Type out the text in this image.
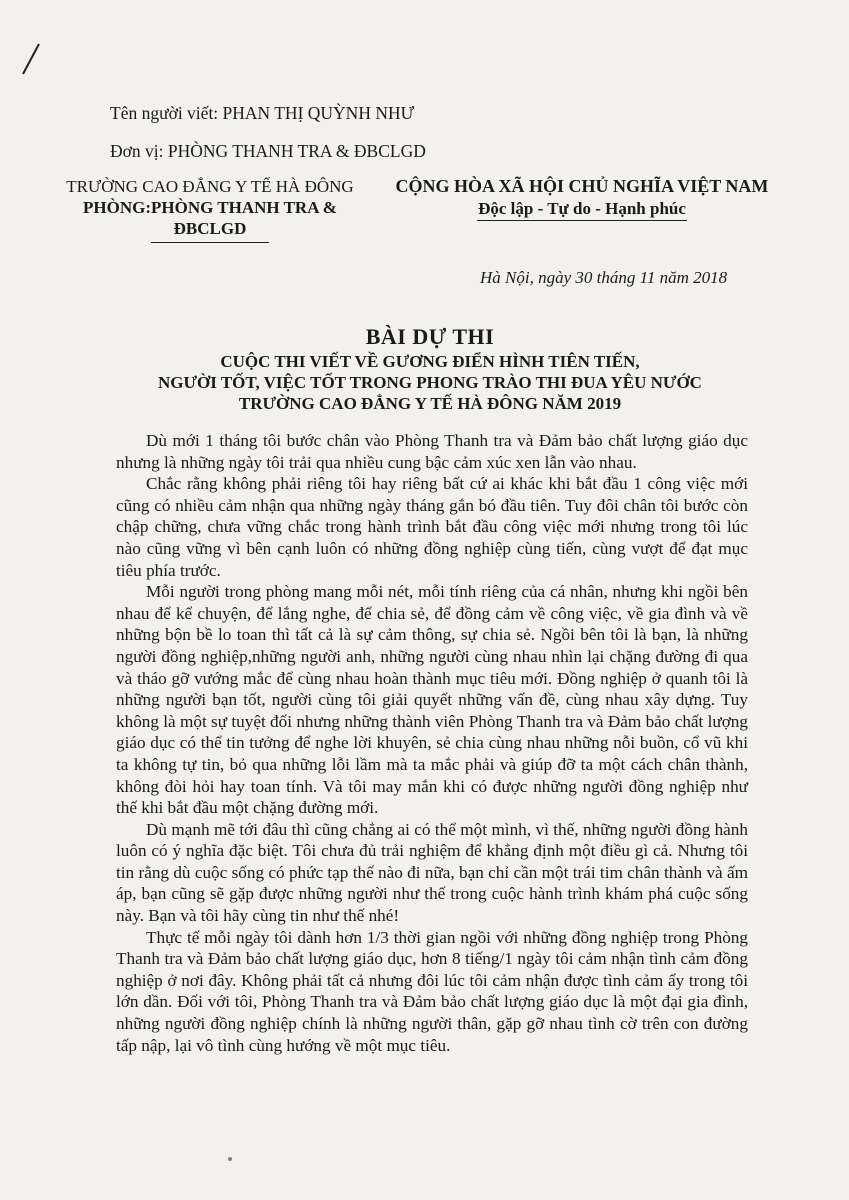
Tên người viết: PHAN THỊ QUỲNH NHƯ
Đơn vị: PHÒNG THANH TRA & ĐBCLGD
TRƯỜNG CAO ĐẲNG Y TẾ HÀ ĐÔNG
PHÒNG:PHÒNG THANH TRA &
ĐBCLGD
CỘNG HÒA XÃ HỘI CHỦ NGHĨA VIỆT NAM
Độc lập - Tự do - Hạnh phúc
Hà Nội, ngày 30 tháng 11 năm 2018
BÀI DỰ THI
CUỘC THI VIẾT VỀ GƯƠNG ĐIỂN HÌNH TIÊN TIẾN,
NGƯỜI TỐT, VIỆC TỐT TRONG PHONG TRÀO THI ĐUA YÊU NƯỚC
TRƯỜNG CAO ĐẲNG Y TẾ HÀ ĐÔNG NĂM 2019

Dù mới 1 tháng tôi bước chân vào Phòng Thanh tra và Đảm bảo chất lượng giáo dục nhưng là những ngày tôi trải qua nhiều cung bậc cảm xúc xen lẫn vào nhau.

Chắc rằng không phải riêng tôi hay riêng bất cứ ai khác khi bắt đầu 1 công việc mới cũng có nhiều cảm nhận qua những ngày tháng gắn bó đầu tiên. Tuy đôi chân tôi bước còn chập chững, chưa vững chắc trong hành trình bắt đầu công việc mới nhưng trong tôi lúc nào cũng vững vì bên cạnh luôn có những đồng nghiệp cùng tiến, cùng vượt để đạt mục tiêu phía trước.

Mỗi người trong phòng mang mỗi nét, mỗi tính riêng của cá nhân, nhưng khi ngồi bên nhau để kể chuyện, để lắng nghe, để chia sẻ, để đồng cảm về công việc, về gia đình và về những bộn bề lo toan thì tất cả là sự cảm thông, sự chia sẻ. Ngồi bên tôi là bạn, là những người đồng nghiệp,những người anh, những người cùng nhau nhìn lại chặng đường đi qua và tháo gỡ vướng mắc để cùng nhau hoàn thành mục tiêu mới. Đồng nghiệp ở quanh tôi là những người bạn tốt, người cùng tôi giải quyết những vấn đề, cùng nhau xây dựng. Tuy không là một sự tuyệt đối nhưng những thành viên Phòng Thanh tra và Đảm bảo chất lượng giáo dục có thể tin tưởng để nghe lời khuyên, sẻ chia cùng nhau những nỗi buồn, cổ vũ khi ta không tự tin, bỏ qua những lỗi lầm mà ta mắc phải và giúp đỡ ta một cách chân thành, không đòi hỏi hay toan tính. Và tôi may mắn khi có được những người đồng nghiệp như thế khi bắt đầu một chặng đường mới.

Dù mạnh mẽ tới đâu thì cũng chẳng ai có thể một mình, vì thế, những người đồng hành luôn có ý nghĩa đặc biệt. Tôi chưa đủ trải nghiệm để khẳng định một điều gì cả. Nhưng tôi tin rằng dù cuộc sống có phức tạp thế nào đi nữa, bạn chỉ cần một trái tim chân thành và ấm áp, bạn cũng sẽ gặp được những người như thế trong cuộc hành trình khám phá cuộc sống này. Bạn và tôi hãy cùng tin như thế nhé!

Thực tế mỗi ngày tôi dành hơn 1/3 thời gian ngồi với những đồng nghiệp trong Phòng Thanh tra và Đảm bảo chất lượng giáo dục, hơn 8 tiếng/1 ngày tôi cảm nhận tình cảm đồng nghiệp ở nơi đây. Không phải tất cả nhưng đôi lúc tôi cảm nhận được tình cảm ấy trong tôi lớn dần. Đối với tôi, Phòng Thanh tra và Đảm bảo chất lượng giáo dục là một đại gia đình, những người đồng nghiệp chính là những người thân, gặp gỡ nhau tình cờ trên con đường tấp nập, lại vô tình cùng hướng về một mục tiêu.
